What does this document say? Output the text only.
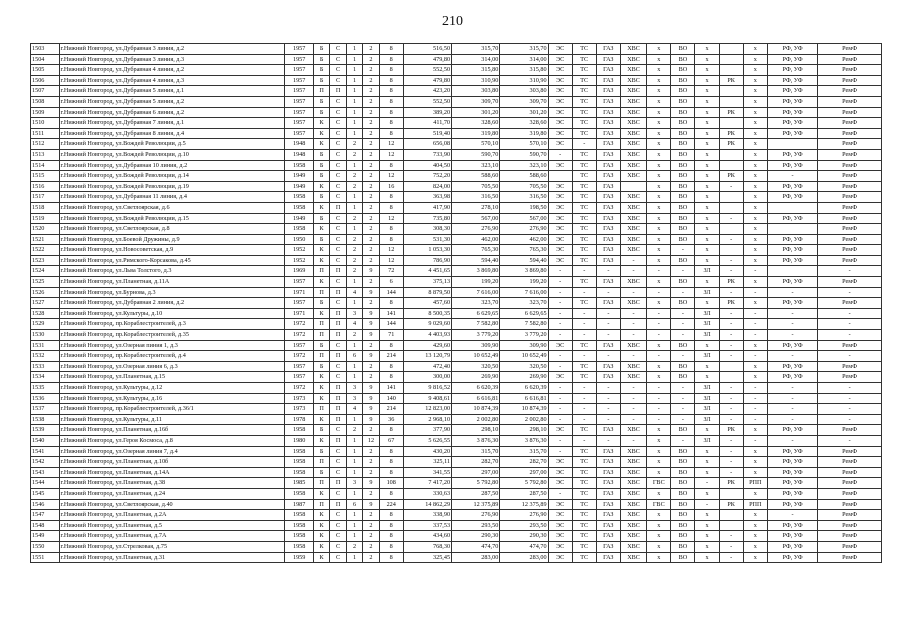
210
1503	г.Нижний Новгород, ул.Дубравная 3 линия, д.2	1957	Б	С	1	2	8	516,50	315,70	315,70	ЭС	ТС	ГАЗ	ХВС	х	ВО	х		х	РФ, УФ	РемФ
1504	г.Нижний Новгород, ул.Дубравная 3 линия, д.3	1957	Б	С	1	2	8	479,80	314,00	314,00	ЭС	ТС	ГАЗ	ХВС	х	ВО	х		х	РФ, УФ	РемФ
1505	г.Нижний Новгород, ул.Дубравная 4 линия, д.2	1957	Б	С	1	2	8	552,50	315,80	315,80	ЭС	ТС	ГАЗ	ХВС	х	ВО	х		х	РФ, УФ	РемФ
1506	г.Нижний Новгород, ул.Дубравная 4 линия, д.3	1957	Б	С	1	2	8	479,80	310,90	310,90	ЭС	ТС	ГАЗ	ХВС	х	ВО	х	РК	х	РФ, УФ	РемФ
1507	г.Нижний Новгород, ул.Дубравная 5 линия, д.1	1957	П	П	1	2	8	423,20	303,80	303,80	ЭС	ТС	ГАЗ	ХВС	х	ВО	х		х	РФ, УФ	РемФ
1508	г.Нижний Новгород, ул.Дубравная 5 линия, д.2	1957	Б	С	1	2	8	552,50	309,70	309,70	ЭС	ТС	ГАЗ	ХВС	х	ВО	х		х	РФ, УФ	РемФ
1509	г.Нижний Новгород, ул.Дубравная 6 линия, д.2	1957	Б	С	1	2	8	389,20	301,20	301,20	ЭС	ТС	ГАЗ	ХВС	х	ВО	х	РК	х	РФ, УФ	РемФ
1510	г.Нижний Новгород, ул.Дубравная 7 линия, д.1	1957	К	С	1	2	8	411,70	328,60	328,60	ЭС	ТС	ГАЗ	ХВС	х	ВО	х		х	РФ, УФ	РемФ
1511	г.Нижний Новгород, ул.Дубравная 8 линия, д.4	1957	К	С	1	2	8	519,40	319,80	319,80	ЭС	ТС	ГАЗ	ХВС	х	ВО	х	РК	х	РФ, УФ	РемФ
1512	г.Нижний Новгород, ул.Вождей Революции, д.5	1948	К	С	2	2	12	656,08	570,10	570,10	ЭС	-	ГАЗ	ХВС	х	ВО	х	РК	х		РемФ
1513	г.Нижний Новгород, ул.Вождей Революции, д.10	1948	Б	С	2	2	12	733,90	590,70	590,70	-	ТС	ГАЗ	ХВС	х	ВО	х		х	РФ, УФ	РемФ
1514	г.Нижний Новгород, ул.Дубравная 10 линия, д.2	1958	Б	С	1	2	8	404,50	323,10	323,10	ЭС	ТС	ГАЗ	ХВС	х	ВО	х		х	РФ, УФ	РемФ
1515	г.Нижний Новгород, ул.Вождей Революции, д.14	1949	Б	С	2	2	12	752,20	588,60	588,60		ТС	ГАЗ	ХВС	х	ВО	х	РК	х	-	РемФ
1516	г.Нижний Новгород, ул.Вождей Революции, д.19	1949	К	С	2	2	16	824,00	705,50	705,50	ЭС	ТС	ГАЗ		х	ВО	х	-	х	РФ, УФ	РемФ
1517	г.Нижний Новгород, ул.Дубравная 11 линия, д.4	1958	Б	С	1	2	8	363,98	316,50	316,50	ЭС	ТС	ГАЗ	ХВС	х	ВО	х		х	РФ, УФ	РемФ
1518	г.Нижний Новгород, ул.Светлоярская, д.6	1958	К	П	1	2	8	417,90	278,10	198,50	ЭС	ТС	ГАЗ	ХВС	х	ВО	х		х		РемФ
1519	г.Нижний Новгород, ул.Вождей Революции, д.15	1949	Б	С	2	2	12	735,80	567,00	567,00	ЭС	ТС	ГАЗ	ХВС	х	ВО	х	-	х	РФ, УФ	РемФ
1520	г.Нижний Новгород, ул.Светлоярская, д.8	1958	К	С	1	2	8	308,30	276,90	276,90	ЭС	ТС	ГАЗ	ХВС	х	ВО	х		х		РемФ
1521	г.Нижний Новгород, ул.Боевой Дружины, д.9	1950	Б	С	2	2	8	531,30	462,00	462,00	ЭС	ТС	ГАЗ	ХВС	х	ВО	х	-	х	РФ, УФ	РемФ
1522	г.Нижний Новгород, ул.Новосоветская, д.9	1952	К	С	2	2	12	1 053,30	765,30	765,30	ЭС	ТС	ГАЗ	ХВС	х	-	х		х	РФ, УФ	РемФ
1523	г.Нижний Новгород, ул.Римского-Корсакова, д.45	1952	К	С	2	2	12	786,90	594,40	594,40	ЭС	ТС	ГАЗ	-	х	ВО	х	-	х	РФ, УФ	РемФ
1524	г.Нижний Новгород, ул.Льва Толстого, д.3	1969	П	П	2	9	72	4 451,65	3 869,80	3 869,80	-	-	-	-	-	-	ЗЛ	-	-		-
1525	г.Нижний Новгород, ул.Планетная, д.11А	1957	К	С	1	2	6	375,13	199,20	199,20	-	ТС	ГАЗ	ХВС	х	ВО	х	РК	х	РФ, УФ	РемФ
1526	г.Нижний Новгород, ул.Бурнова, д.3	1971	П	П	4	9	144	8 879,50	7 616,00	7 616,00	-	-	-	-	-	-	ЗЛ	-	-	-	-
1527	г.Нижний Новгород, ул.Дубравная 2 линия, д.2	1957	Б	С	1	2	8	457,60	323,70	323,70	-	ТС	ГАЗ	ХВС	х	ВО	х	РК	х	РФ, УФ	РемФ
1528	г.Нижний Новгород, ул.Культуры, д.10	1971	К	П	3	9	141	8 500,35	6 629,65	6 629,65	-	-	-	-	-	-	ЗЛ	-	-	-	-
1529	г.Нижний Новгород, пр.Кораблестроителей, д.3	1972	П	П	4	9	144	9 029,60	7 582,80	7 582,80	-	-	-	-	-	-	ЗЛ	-	-	-	-
1530	г.Нижний Новгород, пр.Кораблестроителей, д.35	1972	П	П	2	9	71	4 403,93	3 779,20	3 779,20	-	-	-	-	-	-	ЗЛ	-	-	-	-
1531	г.Нижний Новгород, ул.Озерная пиния 1, д.3	1957	Б	С	1	2	8	429,60	309,90	309,90	ЭС	ТС	ГАЗ	ХВС	х	ВО	х	-	х	РФ, УФ	РемФ
1532	г.Нижний Новгород, пр.Кораблестроителей, д.4	1972	П	П	6	9	214	13 120,79	10 652,49	10 652,49	-	-	-	-	-	-	ЗЛ	-	-	-	-
1533	г.Нижний Новгород, ул.Озерная линия 6, д.3	1957	Б	С	1	2	8	472,40	320,50	320,50	-	ТС	ГАЗ	ХВС	х	ВО	х		х	РФ, УФ	РемФ
1534	г.Нижний Новгород, ул.Планетная, д.15	1957	К	С	1	2	8	300,00	269,90	269,90	ЭС	ТС	ГАЗ	ХВС	х	ВО	х		х	РФ, УФ	РемФ
1535	г.Нижний Новгород, ул.Культуры, д.12	1972	К	П	3	9	141	9 816,52	6 620,39	6 620,39	-	-	-	-	-	-	ЗЛ	-	-	-	-
1536	г.Нижний Новгород, ул.Культуры, д.16	1973	К	П	3	9	140	9 408,61	6 616,81	6 616,81	-	-	-	-	-	-	ЗЛ	-	-	-	-
1537	г.Нижний Новгород, пр.Кораблестроителей, д.36/1	1973	П	П	4	9	214	12 823,00	10 874,39	10 874,39	-	-	-	-	-	-	ЗЛ	-	-	-	-
1538	г.Нижний Новгород, ул.Культуры, д.11	1978	К	П	1	9	36	2 968,10	2 002,80	2 002,80	-	-	-	-	-	-	ЗЛ	-	-	-	-
1539	г.Нижний Новгород, ул.Планетная, д.16б	1958	Б	С	2	2	8	377,90	298,10	298,10	ЭС	ТС	ГАЗ	ХВС	х	ВО	х	РК	х	РФ, УФ	РемФ
1540	г.Нижний Новгород, ул.Героя Космоса, д.8	1980	К	П	1	12	67	5 626,55	3 876,30	3 876,30	-	-	-	-	х	-	ЗЛ	-	-	-	-
1541	г.Нижний Новгород, ул.Озерная линия 7, д.4	1958	Б	С	1	2	8	430,20	315,70	315,70	-	ТС	ГАЗ	ХВС	х	ВО	х	-	х	РФ, УФ	РемФ
1542	г.Нижний Новгород, ул.Планетная, д.10б	1958	П	С	1	2	8	325,11	282,70	282,70	ЭС	ТС	ГАЗ	ХВС	х	ВО	х	-	х	РФ, УФ	РемФ
1543	г.Нижний Новгород, ул.Планетная, д.14А	1958	Б	С	1	2	8	341,55	297,00	297,00	ЭС	ТС	ГАЗ	ХВС	х	ВО	х	-	х	РФ, УФ	РемФ
1544	г.Нижний Новгород, ул.Планетная, д.38	1985	П	П	3	9	108	7 417,20	5 792,80	5 792,80	ЭС	ТС	ГАЗ	ХВС	ГВС	ВО	-	РК	РПП	РФ, УФ	РемФ
1545	г.Нижний Новгород, ул.Планетная, д.24	1958	К	С	1	2	8	330,63	287,50	287,50	-	ТС	ГАЗ	ХВС	х	ВО	х		х	РФ, УФ	РемФ
1546	г.Нижний Новгород, ул.Светлоярская, д.40	1987	П	П	6	9	224	14 862,29	12 375,89	12 375,89	ЭС	ТС	ГАЗ	ХВС	ГВС	ВО	-	РК	РПП	РФ, УФ	РемФ
1547	г.Нижний Новгород, ул.Планетная, д.2А	1958	К	С	1	2	8	338,90	276,90	276,90	ЭС	ТС	ГАЗ	ХВС	х	ВО	х		х	-	РемФ
1548	г.Нижний Новгород, ул.Планетная, д.5	1958	К	С	1	2	8	337,53	293,50	293,50	ЭС	ТС	ГАЗ	ХВС	х	ВО	х		х	РФ, УФ	РемФ
1549	г.Нижний Новгород, ул.Планетная, д.7А	1958	К	С	1	2	8	434,60	290,30	290,30	ЭС	ТС	ГАЗ	ХВС	х	ВО	х	-	х	РФ, УФ	РемФ
1550	г.Нижний Новгород, ул.Стрелковая, д.75	1958	К	С	2	2	8	768,30	474,70	474,70	ЭС	ТС	ГАЗ	ХВС	х	ВО	х	-	х	РФ, УФ	РемФ
1551	г.Нижний Новгород, ул.Планетная, д.31	1959	К	С	1	2	8	325,45	283,00	283,00	ЭС	ТС	ГАЗ	ХВС	х	ВО	х	-	х	РФ, УФ	РемФ
